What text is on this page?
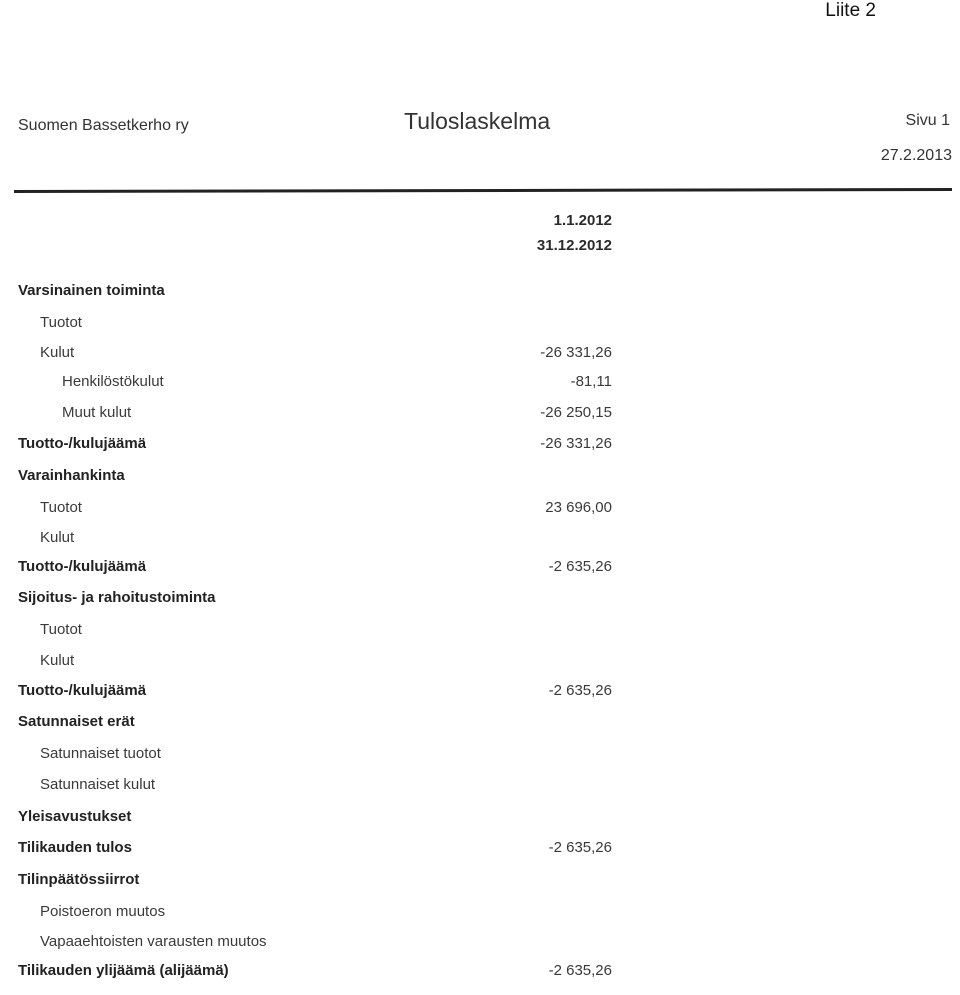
Liite 2
Suomen Bassetkerho ry	Tuloslaskelma	Sivu 1
27.2.2013
1.1.2012
31.12.2012
Varsinainen toiminta
Tuotot
Kulut	-26 331,26
Henkilöstökulut	-81,11
Muut kulut	-26 250,15
Tuotto-/kulujäämä	-26 331,26
Varainhankinta
Tuotot	23 696,00
Kulut
Tuotto-/kulujäämä	-2 635,26
Sijoitus- ja rahoitustoiminta
Tuotot
Kulut
Tuotto-/kulujäämä	-2 635,26
Satunnaiset erät
Satunnaiset tuotot
Satunnaiset kulut
Yleisavustukset
Tilikauden tulos	-2 635,26
Tilinpäätössiirrot
Poistoeron muutos
Vapaaehtoisten varausten muutos
Tilikauden ylijäämä (alijäämä)	-2 635,26
